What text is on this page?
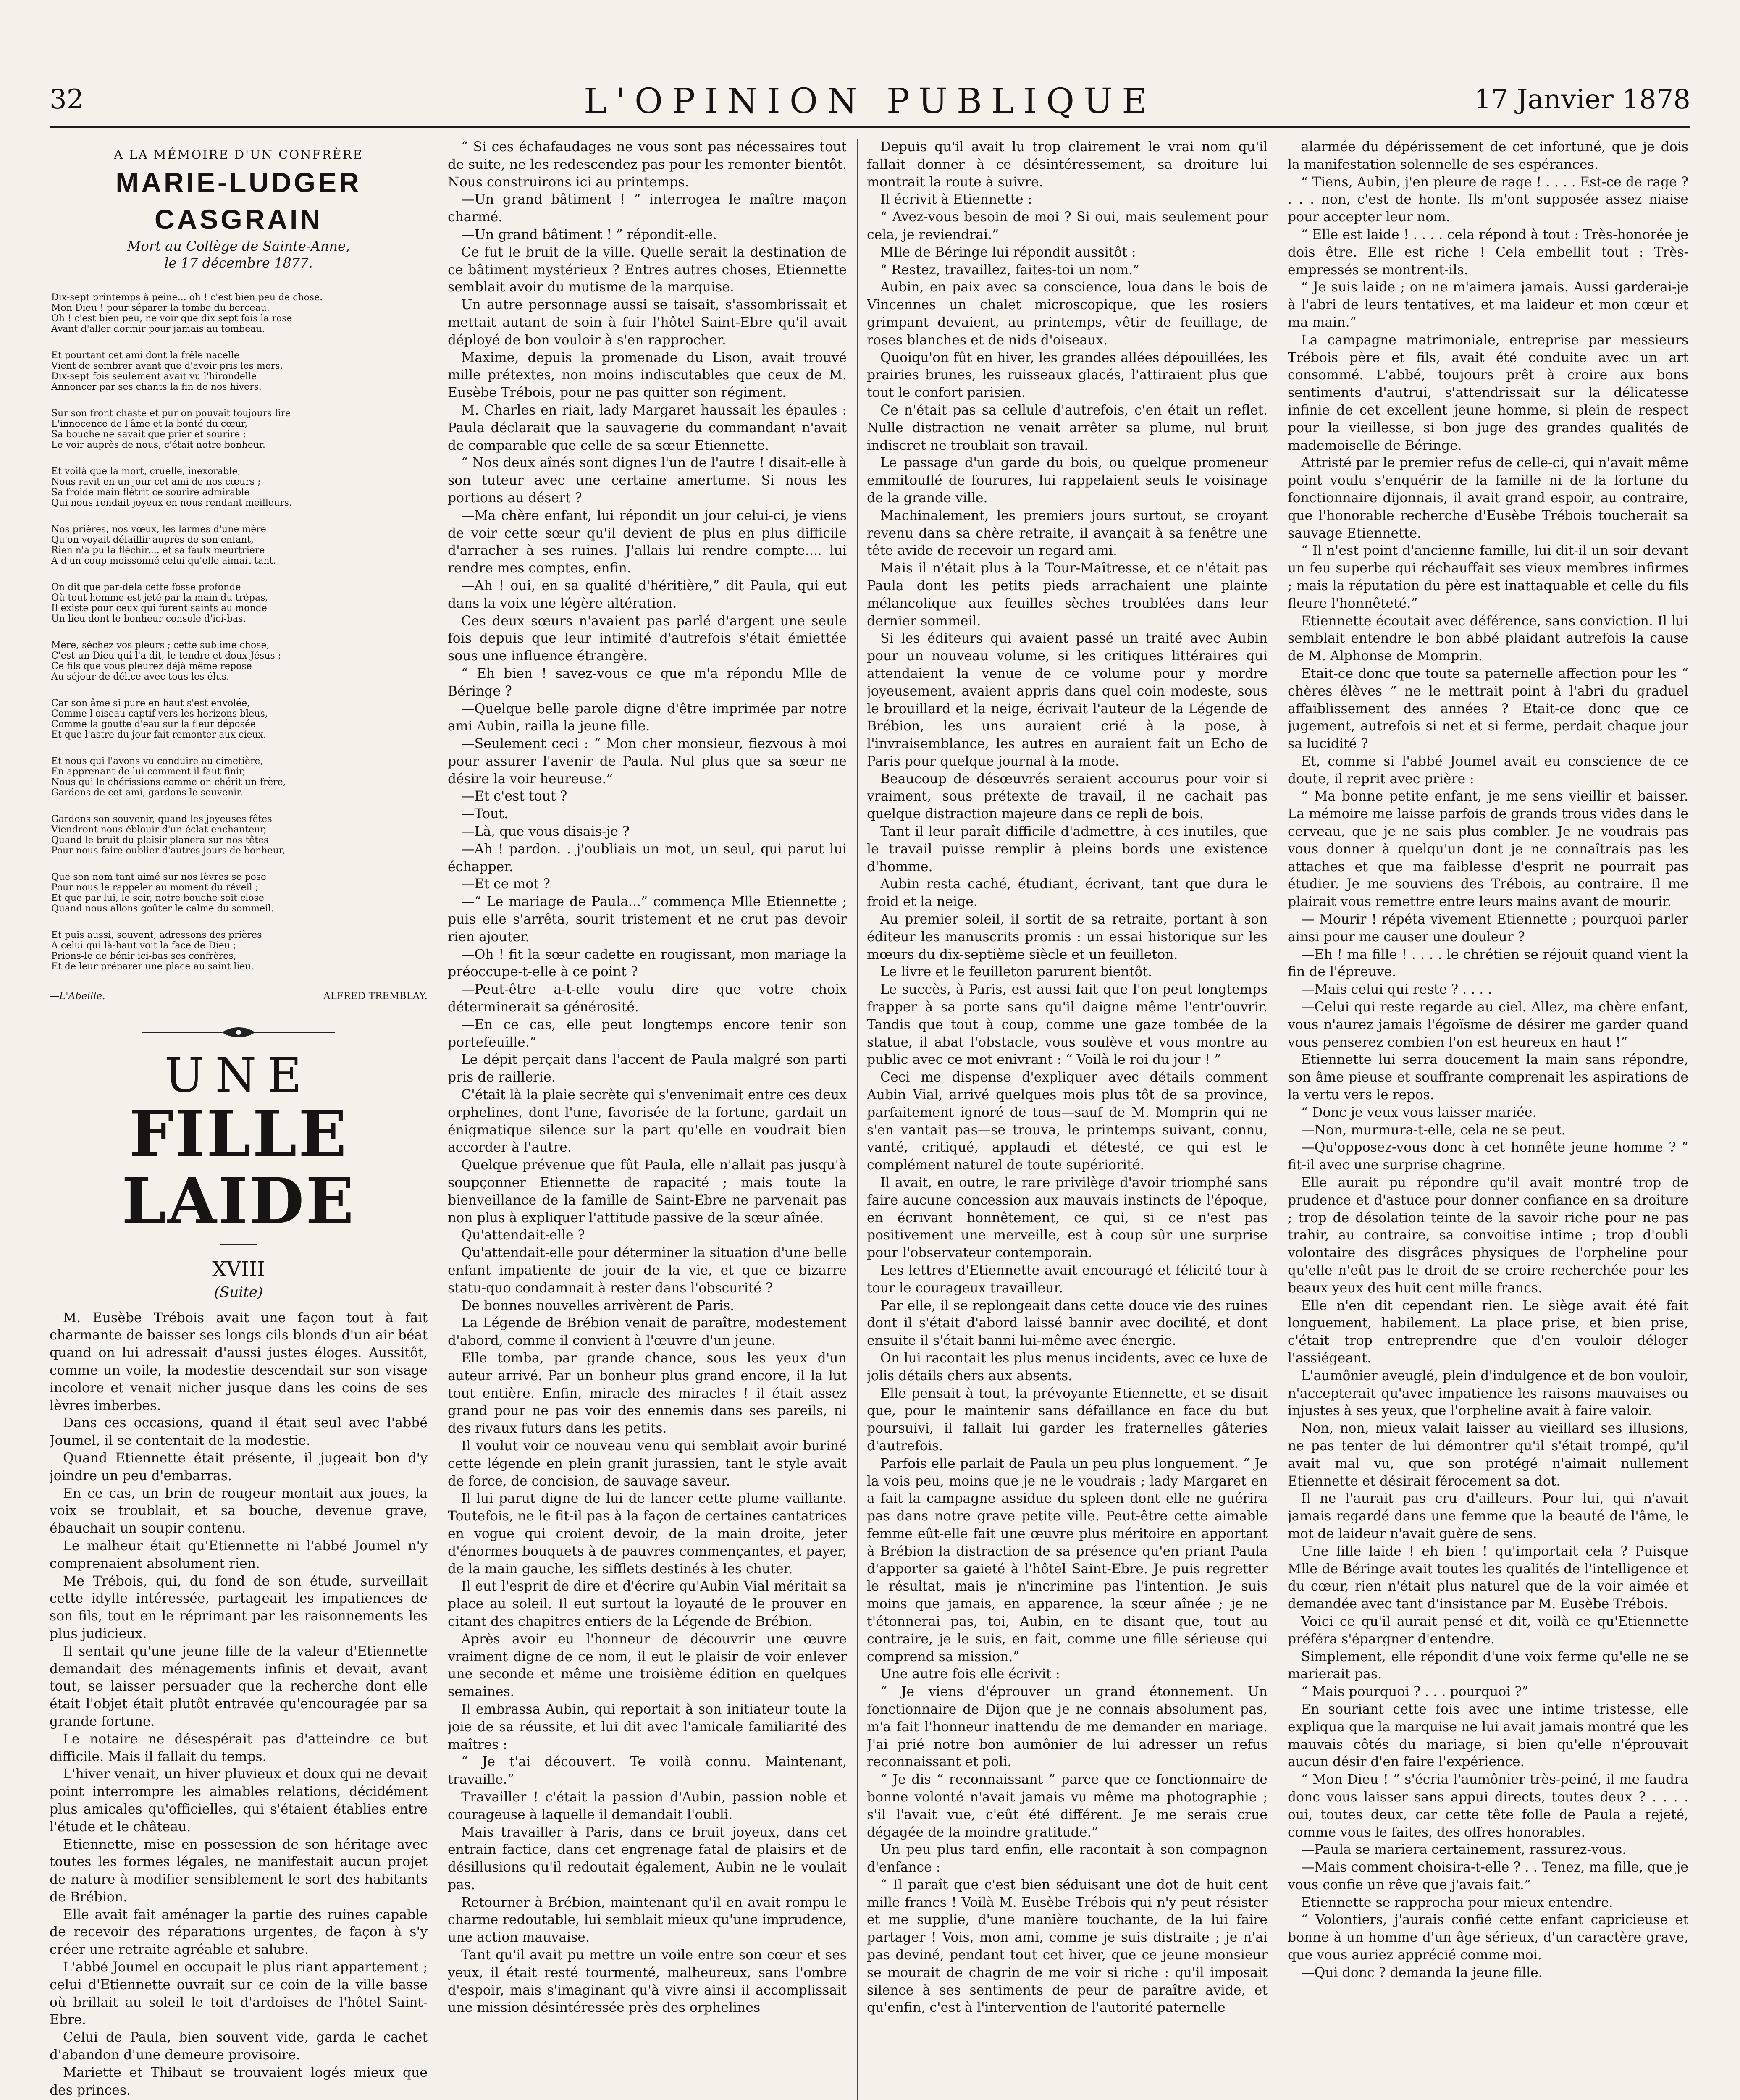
32	L'OPINION PUBLIQUE	17 Janvier 1878
A LA MÉMOIRE D'UN CONFRÈRE
MARIE-LUDGER CASGRAIN
Mort au Collège de Sainte-Anne,
le 17 décembre 1877.
Dix-sept printemps à peine... oh ! c'est bien peu de chose.
Mon Dieu ! pour séparer la tombe du berceau.
Oh ! c'est bien peu, ne voir que dix sept fois la rose
Avant d'aller dormir pour jamais au tombeau.
Et pourtant cet ami dont la frêle nacelle
Vient de sombrer avant que d'avoir pris les mers,
Dix-sept fois seulement avait vu l'hirondelle
Annoncer par ses chants la fin de nos hivers.
Sur son front chaste et pur on pouvait toujours lire
L'innocence de l'âme et la bonté du cœur,
Sa bouche ne savait que prier et sourire ;
Le voir auprès de nous, c'était notre bonheur.
Et voilà que la mort, cruelle, inexorable,
Nous ravit en un jour cet ami de nos cœurs ;
Sa froide main flétrit ce sourire admirable
Qui nous rendait joyeux en nous rendant meilleurs.
Nos prières, nos vœux, les larmes d'une mère
Qu'on voyait défaillir auprès de son enfant,
Rien n'a pu la fléchir.... et sa faulx meurtrière
A d'un coup moissonné celui qu'elle aimait tant.
On dit que par-delà cette fosse profonde
Où tout homme est jeté par la main du trépas,
Il existe pour ceux qui furent saints au monde
Un lieu dont le bonheur console d'ici-bas.
Mère, séchez vos pleurs ; cette sublime chose,
C'est un Dieu qui l'a dit, le tendre et doux Jésus :
Ce fils que vous pleurez déjà même repose
Au séjour de délice avec tous les élus.
Car son âme si pure en haut s'est envolée,
Comme l'oiseau captif vers les horizons bleus,
Comme la goutte d'eau sur la fleur déposée
Et que l'astre du jour fait remonter aux cieux.
Et nous qui l'avons vu conduire au cimetière,
En apprenant de lui comment il faut finir,
Nous qui le chérissions comme on chérit un frère,
Gardons de cet ami, gardons le souvenir.
Gardons son souvenir, quand les joyeuses fêtes
Viendront nous éblouir d'un éclat enchanteur,
Quand le bruit du plaisir planera sur nos têtes
Pour nous faire oublier d'autres jours de bonheur,
Que son nom tant aimé sur nos lèvres se pose
Pour nous le rappeler au moment du réveil ;
Et que par lui, le soir, notre bouche soit close
Quand nous allons goûter le calme du sommeil.
Et puis aussi, souvent, adressons des prières
A celui qui là-haut voit la face de Dieu ;
Prions-le de bénir ici-bas ses confrères,
Et de leur préparer une place au saint lieu.
—L'Abeille.	ALFRED TREMBLAY.
UNE
FILLE LAIDE
XVIII
(Suite)

M. Eusèbe Trébois avait une façon tout à fait charmante de baisser ses longs cils blonds d'un air béat quand on lui adressait d'aussi justes éloges. Aussitôt, comme un voile, la modestie descendait sur son visage incolore et venait nicher jusque dans les coins de ses lèvres imberbes.

Dans ces occasions, quand il était seul avec l'abbé Joumel, il se contentait de la modestie.

Quand Etiennette était présente, il jugeait bon d'y joindre un peu d'embarras.

En ce cas, un brin de rougeur montait aux joues, la voix se troublait, et sa bouche, devenue grave, ébauchait un soupir contenu.

Le malheur était qu'Etiennette ni l'abbé Joumel n'y comprenaient absolument rien.

Me Trébois, qui, du fond de son étude, surveillait cette idylle intéressée, partageait les impatiences de son fils, tout en le réprimant par les raisonnements les plus judicieux.

Il sentait qu'une jeune fille de la valeur d'Etiennette demandait des ménagements infinis et devait, avant tout, se laisser persuader que la recherche dont elle était l'objet était plutôt entravée qu'encouragée par sa grande fortune.

Le notaire ne désespérait pas d'atteindre ce but difficile. Mais il fallait du temps.

L'hiver venait, un hiver pluvieux et doux qui ne devait point interrompre les aimables relations, décidément plus amicales qu'officielles, qui s'étaient établies entre l'étude et le château.

Etiennette, mise en possession de son héritage avec toutes les formes légales, ne manifestait aucun projet de nature à modifier sensiblement le sort des habitants de Brébion.

Elle avait fait aménager la partie des ruines capable de recevoir des réparations urgentes, de façon à s'y créer une retraite agréable et salubre.

L'abbé Joumel en occupait le plus riant appartement ; celui d'Etiennette ouvrait sur ce coin de la ville basse où brillait au soleil le toit d'ardoises de l'hôtel Saint-Ebre.

Celui de Paula, bien souvent vide, garda le cachet d'abandon d'une demeure provisoire.

Mariette et Thibaut se trouvaient logés mieux que des princes.

“ Si ces échafaudages ne vous sont pas nécessaires tout de suite, ne les redescendez pas pour les remonter bientôt. Nous construirons ici au printemps.

—Un grand bâtiment ! ” interrogea le maître maçon charmé.

—Un grand bâtiment ! ” répondit-elle.

Ce fut le bruit de la ville. Quelle serait la destination de ce bâtiment mystérieux ? Entres autres choses, Etiennette semblait avoir du mutisme de la marquise.

Un autre personnage aussi se taisait, s'assombrissait et mettait autant de soin à fuir l'hôtel Saint-Ebre qu'il avait déployé de bon vouloir à s'en rapprocher.

Maxime, depuis la promenade du Lison, avait trouvé mille prétextes, non moins indiscutables que ceux de M. Eusèbe Trébois, pour ne pas quitter son régiment.

M. Charles en riait, lady Margaret haussait les épaules : Paula déclarait que la sauvagerie du commandant n'avait de comparable que celle de sa sœur Etiennette.

“ Nos deux aînés sont dignes l'un de l'autre ! disait-elle à son tuteur avec une certaine amertume. Si nous les portions au désert ?

—Ma chère enfant, lui répondit un jour celui-ci, je viens de voir cette sœur qu'il devient de plus en plus difficile d'arracher à ses ruines. J'allais lui rendre compte.... lui rendre mes comptes, enfin.

—Ah ! oui, en sa qualité d'héritière,” dit Paula, qui eut dans la voix une légère altération.

Ces deux sœurs n'avaient pas parlé d'argent une seule fois depuis que leur intimité d'autrefois s'était émiettée sous une influence étrangère.

“ Eh bien ! savez-vous ce que m'a répondu Mlle de Béringe ?

—Quelque belle parole digne d'être imprimée par notre ami Aubin, railla la jeune fille.

—Seulement ceci : “ Mon cher monsieur, fiezvous à moi pour assurer l'avenir de Paula. Nul plus que sa sœur ne désire la voir heureuse.”

—Et c'est tout ?

—Tout.

—Là, que vous disais-je ?

—Ah ! pardon. . j'oubliais un mot, un seul, qui parut lui échapper.

—Et ce mot ?

—“ Le mariage de Paula...” commença Mlle Etiennette ; puis elle s'arrêta, sourit tristement et ne crut pas devoir rien ajouter.

—Oh ! fit la sœur cadette en rougissant, mon mariage la préoccupe-t-elle à ce point ?

—Peut-être a-t-elle voulu dire que votre choix déterminerait sa générosité.

—En ce cas, elle peut longtemps encore tenir son portefeuille.”

Le dépit perçait dans l'accent de Paula malgré son parti pris de raillerie.

C'était là la plaie secrète qui s'envenimait entre ces deux orphelines, dont l'une, favorisée de la fortune, gardait un énigmatique silence sur la part qu'elle en voudrait bien accorder à l'autre.

Quelque prévenue que fût Paula, elle n'allait pas jusqu'à soupçonner Etiennette de rapacité ; mais toute la bienveillance de la famille de Saint-Ebre ne parvenait pas non plus à expliquer l'attitude passive de la sœur aînée.

Qu'attendait-elle ?

Qu'attendait-elle pour déterminer la situation d'une belle enfant impatiente de jouir de la vie, et que ce bizarre statu-quo condamnait à rester dans l'obscurité ?

De bonnes nouvelles arrivèrent de Paris.

La Légende de Brébion venait de paraître, modestement d'abord, comme il convient à l'œuvre d'un jeune.

Elle tomba, par grande chance, sous les yeux d'un auteur arrivé. Par un bonheur plus grand encore, il la lut tout entière. Enfin, miracle des miracles ! il était assez grand pour ne pas voir des ennemis dans ses pareils, ni des rivaux futurs dans les petits.

Il voulut voir ce nouveau venu qui semblait avoir buriné cette légende en plein granit jurassien, tant le style avait de force, de concision, de sauvage saveur.

Il lui parut digne de lui de lancer cette plume vaillante. Toutefois, ne le fit-il pas à la façon de certaines cantatrices en vogue qui croient devoir, de la main droite, jeter d'énormes bouquets à de pauvres commençantes, et payer, de la main gauche, les sifflets destinés à les chuter.

Il eut l'esprit de dire et d'écrire qu'Aubin Vial méritait sa place au soleil. Il eut surtout la loyauté de le prouver en citant des chapitres entiers de la Légende de Brébion.

Après avoir eu l'honneur de découvrir une œuvre vraiment digne de ce nom, il eut le plaisir de voir enlever une seconde et même une troisième édition en quelques semaines.

Il embrassa Aubin, qui reportait à son initiateur toute la joie de sa réussite, et lui dit avec l'amicale familiarité des maîtres :

“ Je t'ai découvert. Te voilà connu. Maintenant, travaille.”

Travailler ! c'était la passion d'Aubin, passion noble et courageuse à laquelle il demandait l'oubli.

Mais travailler à Paris, dans ce bruit joyeux, dans cet entrain factice, dans cet engrenage fatal de plaisirs et de désillusions qu'il redoutait également, Aubin ne le voulait pas.

Retourner à Brébion, maintenant qu'il en avait rompu le charme redoutable, lui semblait mieux qu'une imprudence, une action mauvaise.

Tant qu'il avait pu mettre un voile entre son cœur et ses yeux, il était resté tourmenté, malheureux, sans l'ombre d'espoir, mais s'imaginant qu'à vivre ainsi il accomplissait une mission désintéressée près des orphelines

Depuis qu'il avait lu trop clairement le vrai nom qu'il fallait donner à ce désintéressement, sa droiture lui montrait la route à suivre.

Il écrivit à Etiennette :

“ Avez-vous besoin de moi ? Si oui, mais seulement pour cela, je reviendrai.”

Mlle de Béringe lui répondit aussitôt :

“ Restez, travaillez, faites-toi un nom.”

Aubin, en paix avec sa conscience, loua dans le bois de Vincennes un chalet microscopique, que les rosiers grimpant devaient, au printemps, vêtir de feuillage, de roses blanches et de nids d'oiseaux.

Quoiqu'on fût en hiver, les grandes allées dépouillées, les prairies brunes, les ruisseaux glacés, l'attiraient plus que tout le confort parisien.

Ce n'était pas sa cellule d'autrefois, c'en était un reflet. Nulle distraction ne venait arrêter sa plume, nul bruit indiscret ne troublait son travail.

Le passage d'un garde du bois, ou quelque promeneur emmitouflé de fourures, lui rappelaient seuls le voisinage de la grande ville.

Machinalement, les premiers jours surtout, se croyant revenu dans sa chère retraite, il avançait à sa fenêtre une tête avide de recevoir un regard ami.

Mais il n'était plus à la Tour-Maîtresse, et ce n'était pas Paula dont les petits pieds arrachaient une plainte mélancolique aux feuilles sèches troublées dans leur dernier sommeil.

Si les éditeurs qui avaient passé un traité avec Aubin pour un nouveau volume, si les critiques littéraires qui attendaient la venue de ce volume pour y mordre joyeusement, avaient appris dans quel coin modeste, sous le brouillard et la neige, écrivait l'auteur de la Légende de Brébion, les uns auraient crié à la pose, à l'invraisemblance, les autres en auraient fait un Echo de Paris pour quelque journal à la mode.

Beaucoup de désœuvrés seraient accourus pour voir si vraiment, sous prétexte de travail, il ne cachait pas quelque distraction majeure dans ce repli de bois.

Tant il leur paraît difficile d'admettre, à ces inutiles, que le travail puisse remplir à pleins bords une existence d'homme.

Aubin resta caché, étudiant, écrivant, tant que dura le froid et la neige.

Au premier soleil, il sortit de sa retraite, portant à son éditeur les manuscrits promis : un essai historique sur les mœurs du dix-septième siècle et un feuilleton.

Le livre et le feuilleton parurent bientôt.

Le succès, à Paris, est aussi fait que l'on peut longtemps frapper à sa porte sans qu'il daigne même l'entr'ouvrir. Tandis que tout à coup, comme une gaze tombée de la statue, il abat l'obstacle, vous soulève et vous montre au public avec ce mot enivrant : “ Voilà le roi du jour ! ”

Ceci me dispense d'expliquer avec détails comment Aubin Vial, arrivé quelques mois plus tôt de sa province, parfaitement ignoré de tous—sauf de M. Momprin qui ne s'en vantait pas—se trouva, le printemps suivant, connu, vanté, critiqué, applaudi et détesté, ce qui est le complément naturel de toute supériorité.

Il avait, en outre, le rare privilège d'avoir triomphé sans faire aucune concession aux mauvais instincts de l'époque, en écrivant honnêtement, ce qui, si ce n'est pas positivement une merveille, est à coup sûr une surprise pour l'observateur contemporain.

Les lettres d'Etiennette avait encouragé et félicité tour à tour le courageux travailleur.

Par elle, il se replongeait dans cette douce vie des ruines dont il s'était d'abord laissé bannir avec docilité, et dont ensuite il s'était banni lui-même avec énergie.

On lui racontait les plus menus incidents, avec ce luxe de jolis détails chers aux absents.

Elle pensait à tout, la prévoyante Etiennette, et se disait que, pour le maintenir sans défaillance en face du but poursuivi, il fallait lui garder les fraternelles gâteries d'autrefois.

Parfois elle parlait de Paula un peu plus longuement. “ Je la vois peu, moins que je ne le voudrais ; lady Margaret en a fait la campagne assidue du spleen dont elle ne guérira pas dans notre grave petite ville. Peut-être cette aimable femme eût-elle fait une œuvre plus méritoire en apportant à Brébion la distraction de sa présence qu'en priant Paula d'apporter sa gaieté à l'hôtel Saint-Ebre. Je puis regretter le résultat, mais je n'incrimine pas l'intention. Je suis moins que jamais, en apparence, la sœur aînée ; je ne t'étonnerai pas, toi, Aubin, en te disant que, tout au contraire, je le suis, en fait, comme une fille sérieuse qui comprend sa mission.”

Une autre fois elle écrivit :

“ Je viens d'éprouver un grand étonnement. Un fonctionnaire de Dijon que je ne connais absolument pas, m'a fait l'honneur inattendu de me demander en mariage. J'ai prié notre bon aumônier de lui adresser un refus reconnaissant et poli.

“ Je dis “ reconnaissant ” parce que ce fonctionnaire de bonne volonté n'avait jamais vu même ma photographie ; s'il l'avait vue, c'eût été différent. Je me serais crue dégagée de la moindre gratitude.”

Un peu plus tard enfin, elle racontait à son compagnon d'enfance :

“ Il paraît que c'est bien séduisant une dot de huit cent mille francs ! Voilà M. Eusèbe Trébois qui n'y peut résister et me supplie, d'une manière touchante, de la lui faire partager ! Vois, mon ami, comme je suis distraite ; je n'ai pas deviné, pendant tout cet hiver, que ce jeune monsieur se mourait de chagrin de me voir si riche : qu'il imposait silence à ses sentiments de peur de paraître avide, et qu'enfin, c'est à l'intervention de l'autorité paternelle

alarmée du dépérissement de cet infortuné, que je dois la manifestation solennelle de ses espérances.

“ Tiens, Aubin, j'en pleure de rage ! . . . . Est-ce de rage ? . . . non, c'est de honte. Ils m'ont supposée assez niaise pour accepter leur nom.

“ Elle est laide ! . . . . cela répond à tout : Très-honorée je dois être. Elle est riche ! Cela embellit tout : Très-empressés se montrent-ils.

“ Je suis laide ; on ne m'aimera jamais. Aussi garderai-je à l'abri de leurs tentatives, et ma laideur et mon cœur et ma main.”

La campagne matrimoniale, entreprise par messieurs Trébois père et fils, avait été conduite avec un art consommé. L'abbé, toujours prêt à croire aux bons sentiments d'autrui, s'attendrissait sur la délicatesse infinie de cet excellent jeune homme, si plein de respect pour la vieillesse, si bon juge des grandes qualités de mademoiselle de Béringe.

Attristé par le premier refus de celle-ci, qui n'avait même point voulu s'enquérir de la famille ni de la fortune du fonctionnaire dijonnais, il avait grand espoir, au contraire, que l'honorable recherche d'Eusèbe Trébois toucherait sa sauvage Etiennette.

“ Il n'est point d'ancienne famille, lui dit-il un soir devant un feu superbe qui réchauffait ses vieux membres infirmes ; mais la réputation du père est inattaquable et celle du fils fleure l'honnêteté.”

Etiennette écoutait avec déférence, sans conviction. Il lui semblait entendre le bon abbé plaidant autrefois la cause de M. Alphonse de Momprin.

Etait-ce donc que toute sa paternelle affection pour les “ chères élèves ” ne le mettrait point à l'abri du graduel affaiblissement des années ? Etait-ce donc que ce jugement, autrefois si net et si ferme, perdait chaque jour sa lucidité ?

Et, comme si l'abbé Joumel avait eu conscience de ce doute, il reprit avec prière :

“ Ma bonne petite enfant, je me sens vieillir et baisser. La mémoire me laisse parfois de grands trous vides dans le cerveau, que je ne sais plus combler. Je ne voudrais pas vous donner à quelqu'un dont je ne connaîtrais pas les attaches et que ma faiblesse d'esprit ne pourrait pas étudier. Je me souviens des Trébois, au contraire. Il me plairait vous remettre entre leurs mains avant de mourir.

— Mourir ! répéta vivement Etiennette ; pourquoi parler ainsi pour me causer une douleur ?

—Eh ! ma fille ! . . . . le chrétien se réjouit quand vient la fin de l'épreuve.

—Mais celui qui reste ? . . . .

—Celui qui reste regarde au ciel. Allez, ma chère enfant, vous n'aurez jamais l'égoïsme de désirer me garder quand vous penserez combien l'on est heureux en haut !”

Etiennette lui serra doucement la main sans répondre, son âme pieuse et souffrante comprenait les aspirations de la vertu vers le repos.

“ Donc je veux vous laisser mariée.

—Non, murmura-t-elle, cela ne se peut.

—Qu'opposez-vous donc à cet honnête jeune homme ? ” fit-il avec une surprise chagrine.

Elle aurait pu répondre qu'il avait montré trop de prudence et d'astuce pour donner confiance en sa droiture ; trop de désolation teinte de la savoir riche pour ne pas trahir, au contraire, sa convoitise intime ; trop d'oubli volontaire des disgrâces physiques de l'orpheline pour qu'elle n'eût pas le droit de se croire recherchée pour les beaux yeux des huit cent mille francs.

Elle n'en dit cependant rien. Le siège avait été fait longuement, habilement. La place prise, et bien prise, c'était trop entreprendre que d'en vouloir déloger l'assiégeant.

L'aumônier aveuglé, plein d'indulgence et de bon vouloir, n'accepterait qu'avec impatience les raisons mauvaises ou injustes à ses yeux, que l'orpheline avait à faire valoir.

Non, non, mieux valait laisser au vieillard ses illusions, ne pas tenter de lui démontrer qu'il s'était trompé, qu'il avait mal vu, que son protégé n'aimait nullement Etiennette et désirait férocement sa dot.

Il ne l'aurait pas cru d'ailleurs. Pour lui, qui n'avait jamais regardé dans une femme que la beauté de l'âme, le mot de laideur n'avait guère de sens.

Une fille laide ! eh bien ! qu'importait cela ? Puisque Mlle de Béringe avait toutes les qualités de l'intelligence et du cœur, rien n'était plus naturel que de la voir aimée et demandée avec tant d'insistance par M. Eusèbe Trébois.

Voici ce qu'il aurait pensé et dit, voilà ce qu'Etiennette préféra s'épargner d'entendre.

Simplement, elle répondit d'une voix ferme qu'elle ne se marierait pas.

“ Mais pourquoi ? . . . pourquoi ?”

En souriant cette fois avec une intime tristesse, elle expliqua que la marquise ne lui avait jamais montré que les mauvais côtés du mariage, si bien qu'elle n'éprouvait aucun désir d'en faire l'expérience.

“ Mon Dieu ! ” s'écria l'aumônier très-peiné, il me faudra donc vous laisser sans appui directs, toutes deux ? . . . . oui, toutes deux, car cette tête folle de Paula a rejeté, comme vous le faites, des offres honorables.

—Paula se mariera certainement, rassurez-vous.

—Mais comment choisira-t-elle ? . . Tenez, ma fille, que je vous confie un rêve que j'avais fait.”

Etiennette se rapprocha pour mieux entendre.

“ Volontiers, j'aurais confié cette enfant capricieuse et bonne à un homme d'un âge sérieux, d'un caractère grave, que vous auriez apprécié comme moi.

—Qui donc ? demanda la jeune fille.
